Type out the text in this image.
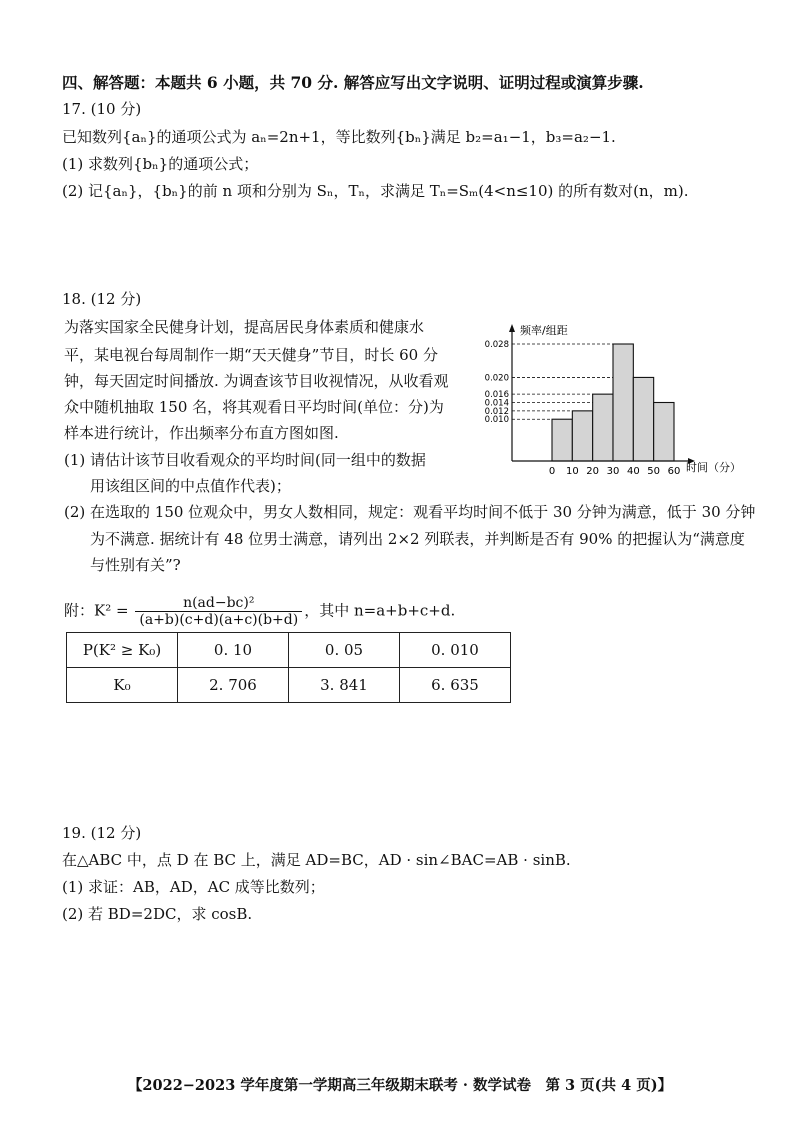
四、解答题：本题共 6 小题，共 70 分. 解答应写出文字说明、证明过程或演算步骤.
17. (10 分)
已知数列{aₙ}的通项公式为 aₙ=2n+1，等比数列{bₙ}满足 b₂=a₁−1，b₃=a₂−1.
(1) 求数列{bₙ}的通项公式；
(2) 记{aₙ}，{bₙ}的前 n 项和分别为 Sₙ，Tₙ，求满足 Tₙ=Sₘ(4<n≤10) 的所有数对(n，m).
18. (12 分)
为落实国家全民健身计划，提高居民身体素质和健康水
平，某电视台每周制作一期“天天健身”节目，时长 60 分
钟，每天固定时间播放. 为调查该节目收视情况，从收看观
众中随机抽取 150 名，将其观看日平均时间(单位：分)为
样本进行统计，作出频率分布直方图如图.
(1) 请估计该节目收看观众的平均时间(同一组中的数据
用该组区间的中点值作代表)；
(2) 在选取的 150 位观众中，男女人数相同，规定：观看平均时间不低于 30 分钟为满意，低于 30 分钟
为不满意. 据统计有 48 位男士满意，请列出 2×2 列联表，并判断是否有 90% 的把握认为“满意度
与性别有关”?
附：$K^2 = \frac{\text{n(ad−bc)²}}{(a+b)(c+d)(a+c)(b+d)}$ ，其中 n=a+b+c+d.
P(K² ≥ K₀)	0. 10	0. 05	0. 010
K₀	2. 706	3. 841	6. 635
频率/组距
时间（分）
0.028
0.020
0.016
0.014
0.012
0.010
0 10 20 30 40 50 60
19. (12 分)
在△ABC 中，点 D 在 BC 上，满足 AD=BC，AD · sin∠BAC=AB · sinB.
(1) 求证：AB，AD，AC 成等比数列；
(2) 若 BD=2DC，求 cosB.
【2022−2023 学年度第一学期高三年级期末联考 · 数学试卷　第 3 页(共 4 页)】
